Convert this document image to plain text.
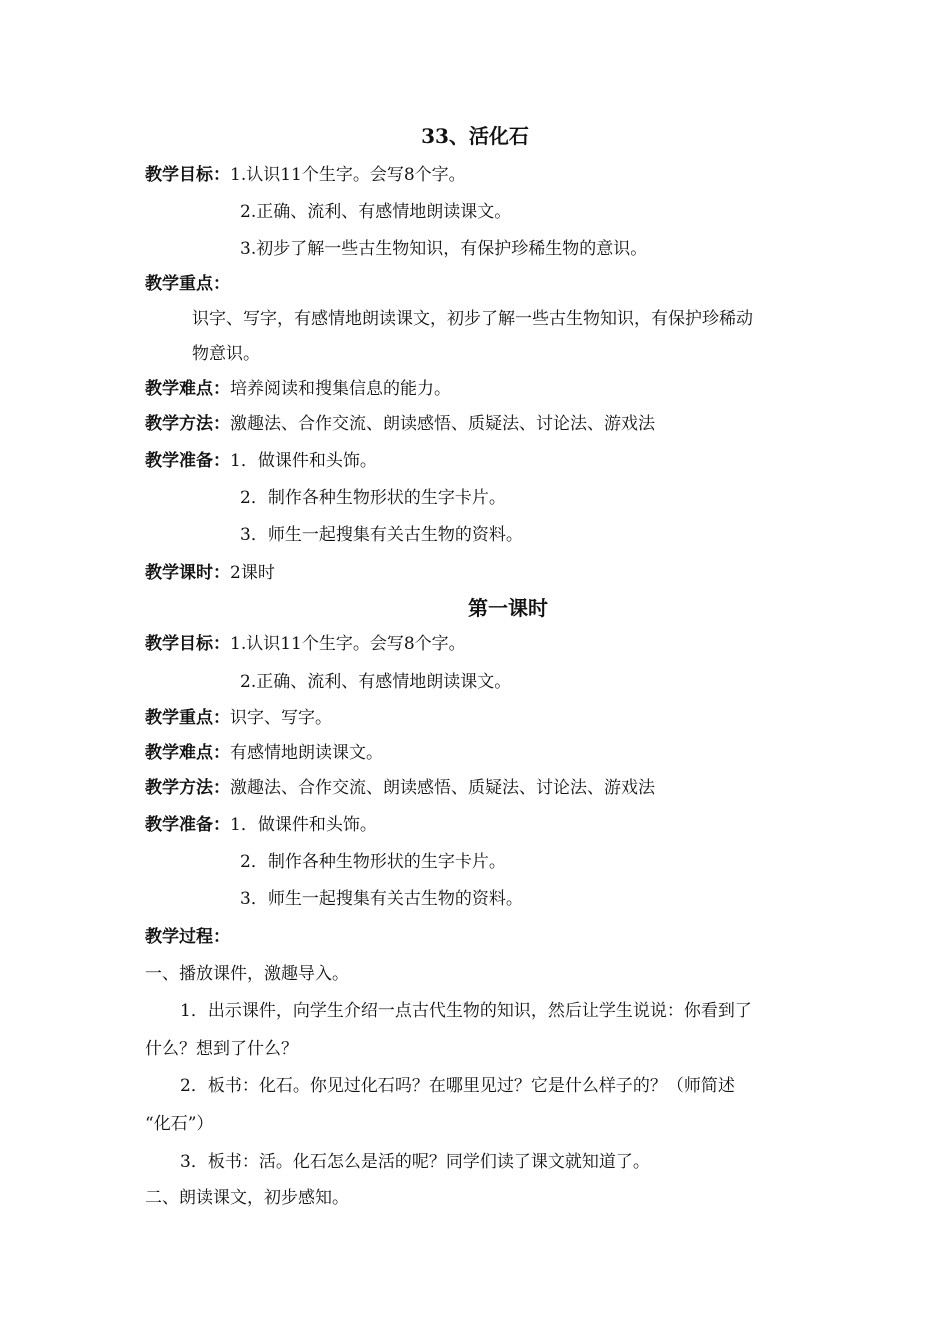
33、活化石
教学目标：1.认识11个生字。会写8个字。
2.正确、流利、有感情地朗读课文。
3.初步了解一些古生物知识，有保护珍稀生物的意识。
教学重点：
识字、写字，有感情地朗读课文，初步了解一些古生物知识，有保护珍稀动
物意识。
教学难点：培养阅读和搜集信息的能力。
教学方法：激趣法、合作交流、朗读感悟、质疑法、讨论法、游戏法
教学准备：1．做课件和头饰。
2．制作各种生物形状的生字卡片。
3．师生一起搜集有关古生物的资料。
教学课时：2课时
第一课时
教学目标：1.认识11个生字。会写8个字。
2.正确、流利、有感情地朗读课文。
教学重点：识字、写字。
教学难点：有感情地朗读课文。
教学方法：激趣法、合作交流、朗读感悟、质疑法、讨论法、游戏法
教学准备：1．做课件和头饰。
2．制作各种生物形状的生字卡片。
3．师生一起搜集有关古生物的资料。
教学过程：
一、播放课件，激趣导入。
1．出示课件，向学生介绍一点古代生物的知识，然后让学生说说：你看到了
什么？想到了什么？
2．板书：化石。你见过化石吗？在哪里见过？它是什么样子的？（师简述
“化石”）
3．板书：活。化石怎么是活的呢？同学们读了课文就知道了。
二、朗读课文，初步感知。
